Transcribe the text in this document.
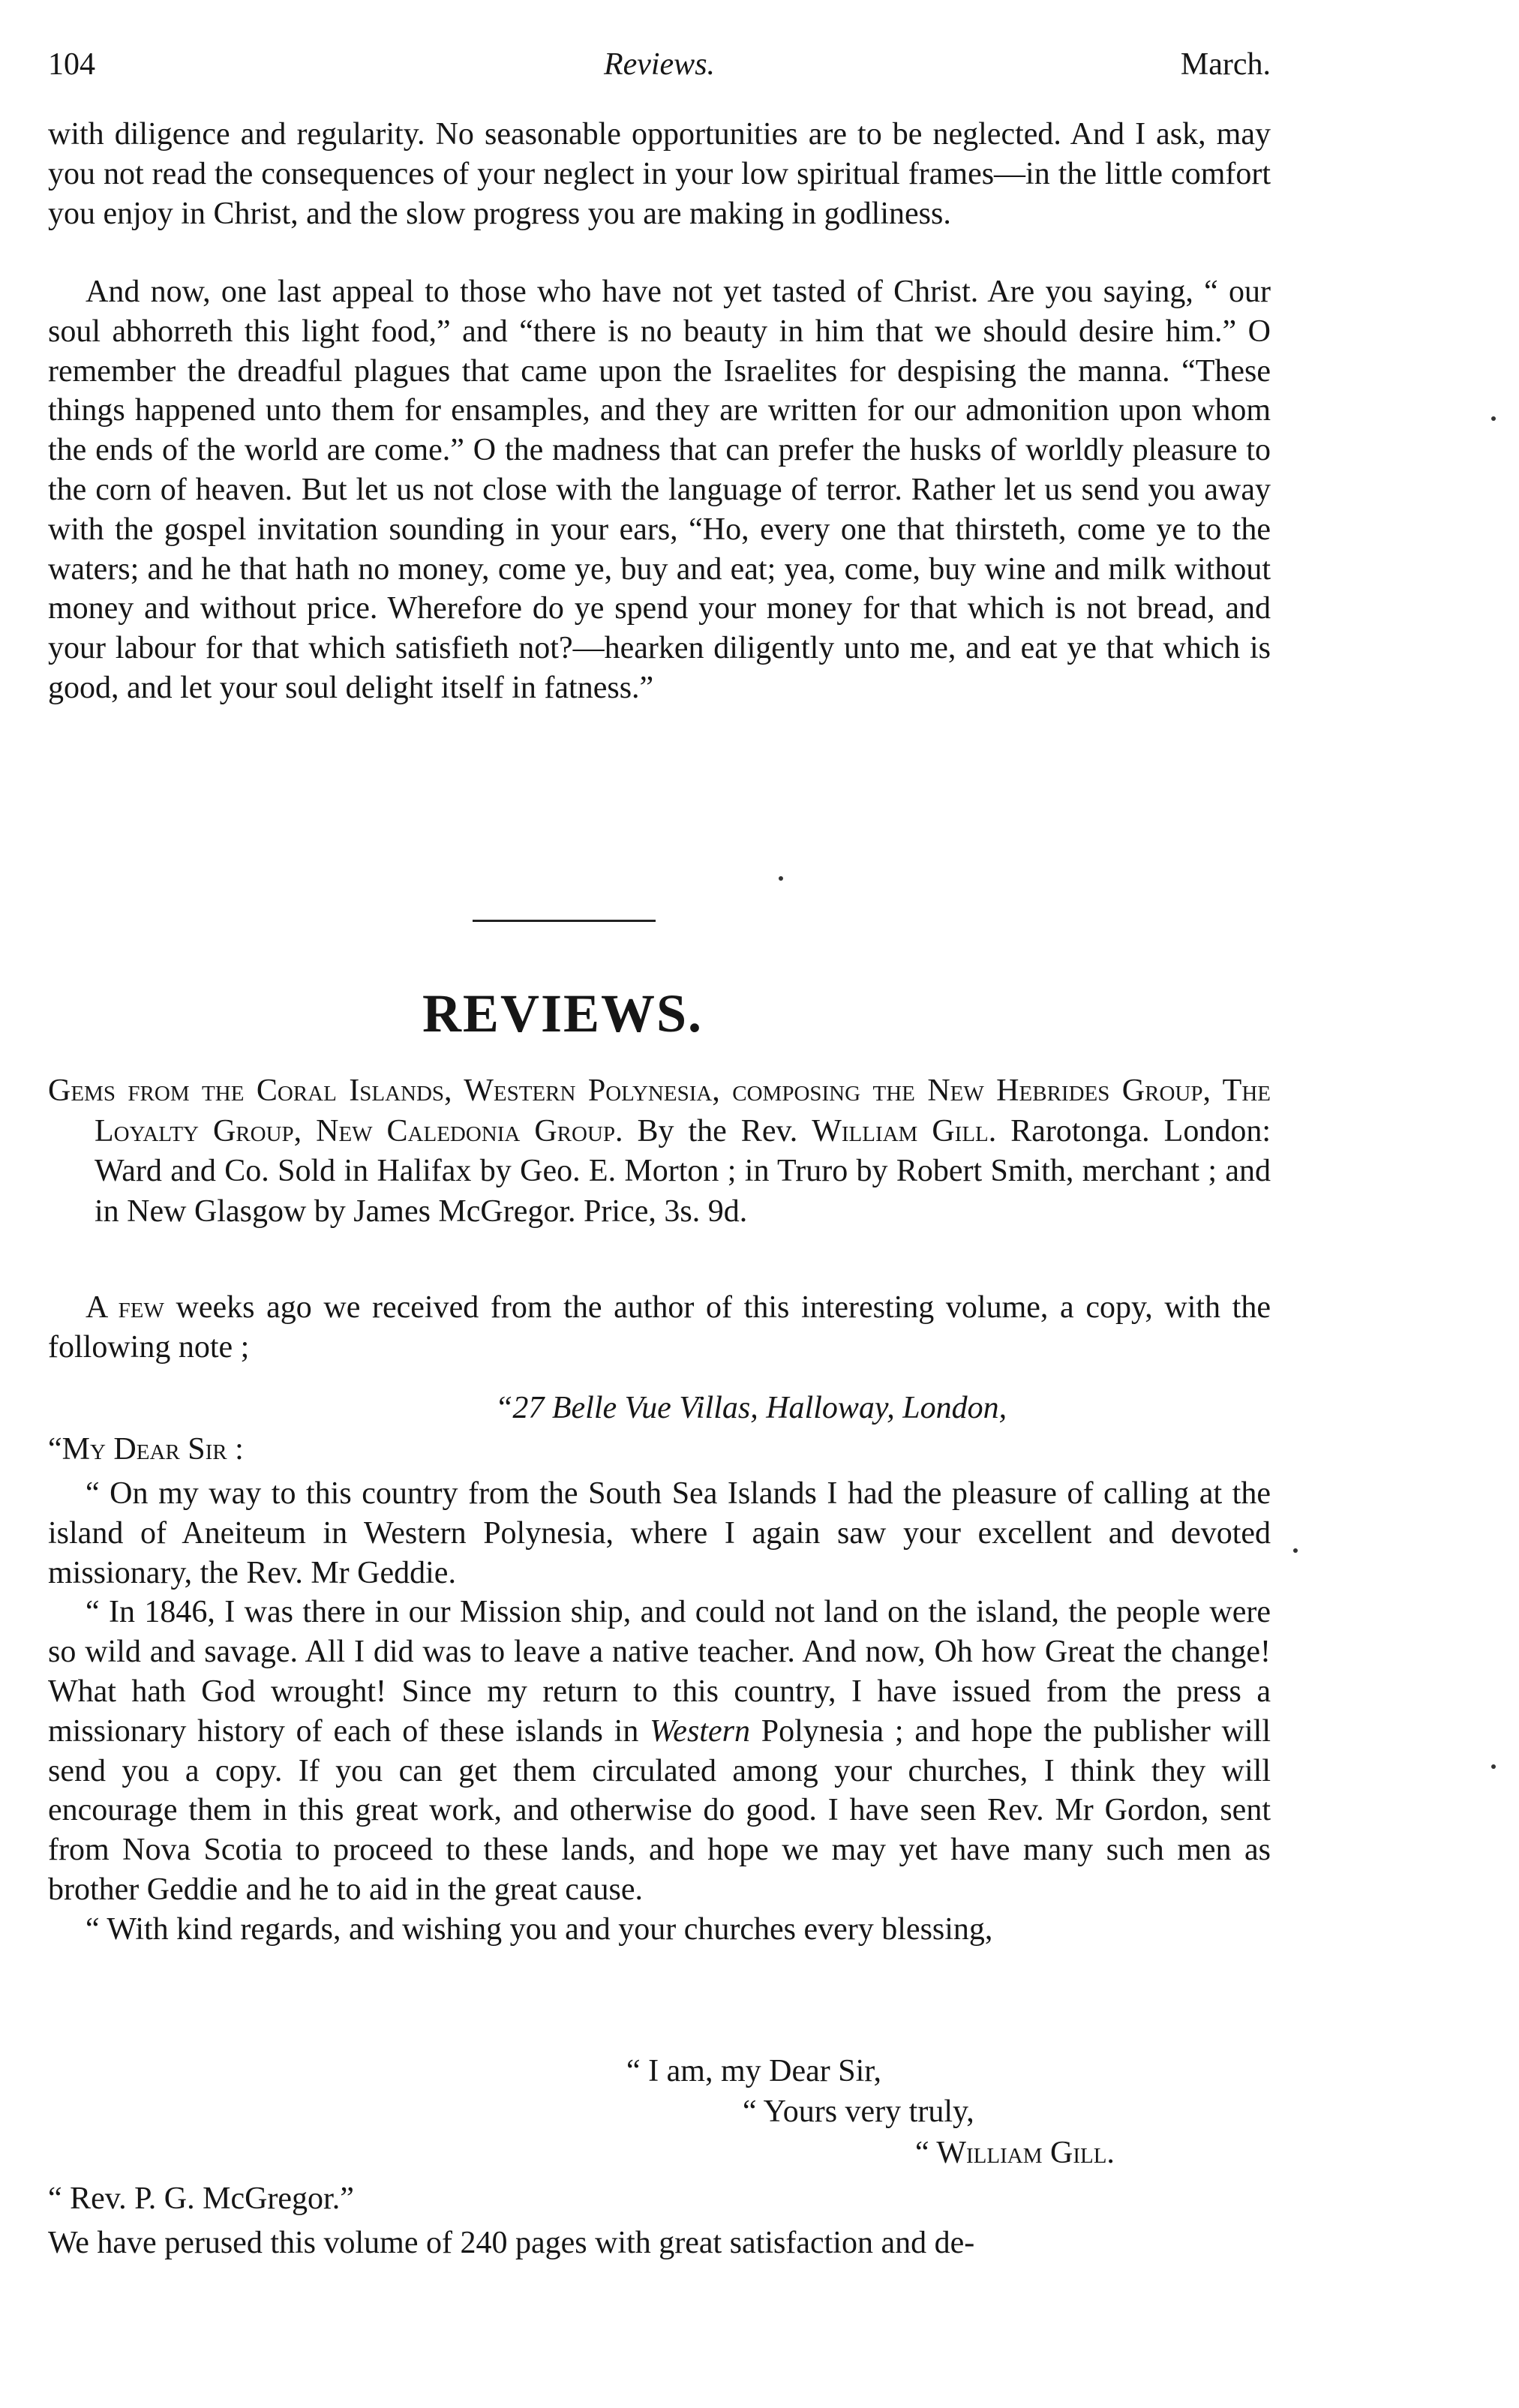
104	Reviews.	March.

with diligence and regularity. No seasonable opportunities are to be neglected. And I ask, may you not read the consequences of your neglect in your low spiritual frames—in the little comfort you enjoy in Christ, and the slow progress you are making in godliness.

And now, one last appeal to those who have not yet tasted of Christ. Are you saying, “ our soul abhorreth this light food,” and “there is no beauty in him that we should desire him.” O remember the dreadful plagues that came upon the Israelites for despising the manna. “These things happened unto them for ensamples, and they are written for our admonition upon whom the ends of the world are come.” O the madness that can prefer the husks of worldly pleasure to the corn of heaven. But let us not close with the language of terror. Rather let us send you away with the gospel invitation sounding in your ears, “Ho, every one that thirsteth, come ye to the waters; and he that hath no money, come ye, buy and eat; yea, come, buy wine and milk without money and without price. Wherefore do ye spend your money for that which is not bread, and your labour for that which satisfieth not?—hearken diligently unto me, and eat ye that which is good, and let your soul delight itself in fatness.”

REVIEWS.
Gems from the Coral Islands, Western Polynesia, composing the New Hebrides Group, The Loyalty Group, New Caledonia Group. By the Rev. William Gill. Rarotonga. London: Ward and Co. Sold in Halifax by Geo. E. Morton ; in Truro by Robert Smith, merchant ; and in New Glasgow by James McGregor. Price, 3s. 9d.

A few weeks ago we received from the author of this interesting volume, a copy, with the following note ;

“27 Belle Vue Villas, Halloway, London,
“My Dear Sir :

“ On my way to this country from the South Sea Islands I had the pleasure of calling at the island of Aneiteum in Western Polynesia, where I again saw your excellent and devoted missionary, the Rev. Mr Geddie.

“ In 1846, I was there in our Mission ship, and could not land on the island, the people were so wild and savage. All I did was to leave a native teacher. And now, Oh how Great the change! What hath God wrought! Since my return to this country, I have issued from the press a missionary history of each of these islands in Western Polynesia ; and hope the publisher will send you a copy. If you can get them circulated among your churches, I think they will encourage them in this great work, and otherwise do good. I have seen Rev. Mr Gordon, sent from Nova Scotia to proceed to these lands, and hope we may yet have many such men as brother Geddie and he to aid in the great cause.

“ With kind regards, and wishing you and your churches every blessing,

“ I am, my Dear Sir,
“ Yours very truly,
“ William Gill.
“ Rev. P. G. McGregor.”
We have perused this volume of 240 pages with great satisfaction and de-
